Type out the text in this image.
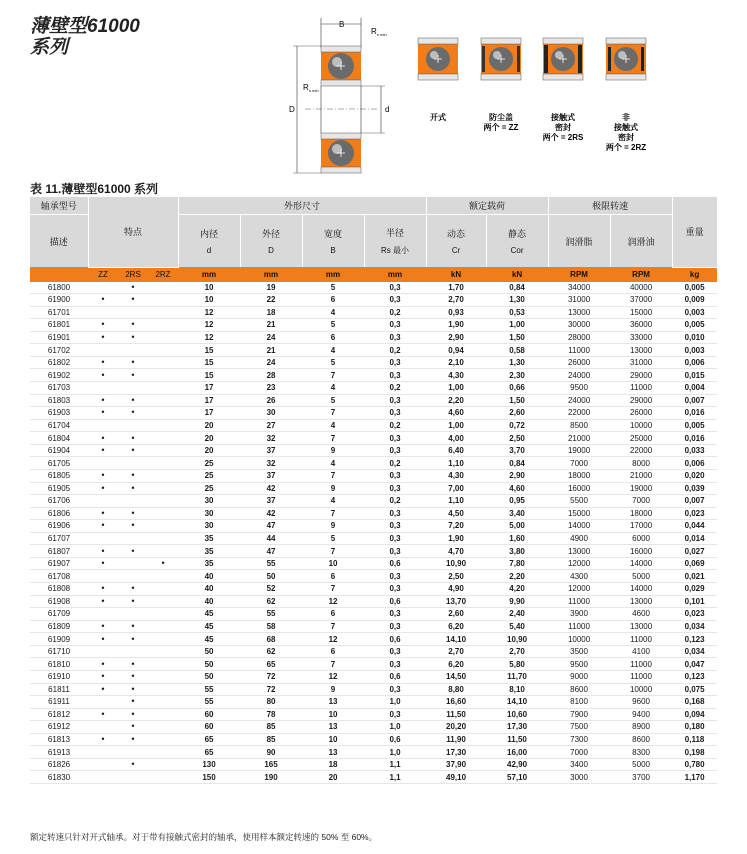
薄壁型61000
系列
B
R s min
D	d
R s min
开式	防尘盖
两个 = ZZ
接触式
密封
两个 = 2RS
非
接触式
密封
两个 = 2RZ
表 11.薄壁型61000 系列
轴承型号	特点			外形尺寸				额定载荷		极限转速		重量
描述				内径
d	外径
D	宽度
B	半径
Rs 最小	动态
Cr	静态
Cor	润滑脂	润滑油	
	ZZ	2RS	2RZ	mm	mm	mm	mm	kN	kN	RPM	RPM	kg
61800		•		10	19	5	0,3	1,70	0,84	34000	40000	0,005
61900	•	•		10	22	6	0,3	2,70	1,30	31000	37000	0,009
61701				12	18	4	0,2	0,93	0,53	13000	15000	0,003
61801	•	•		12	21	5	0,3	1,90	1,00	30000	36000	0,005
61901	•	•		12	24	6	0,3	2,90	1,50	28000	33000	0,010
61702				15	21	4	0,2	0,94	0,58	11000	13000	0,003
61802	•	•		15	24	5	0,3	2,10	1,30	26000	31000	0,006
61902	•	•		15	28	7	0,3	4,30	2,30	24000	29000	0,015
61703				17	23	4	0,2	1,00	0,66	9500	11000	0,004
61803	•	•		17	26	5	0,3	2,20	1,50	24000	29000	0,007
61903	•	•		17	30	7	0,3	4,60	2,60	22000	26000	0,016
61704				20	27	4	0,2	1,00	0,72	8500	10000	0,005
61804	•	•		20	32	7	0,3	4,00	2,50	21000	25000	0,016
61904	•	•		20	37	9	0,3	6,40	3,70	19000	22000	0,033
61705				25	32	4	0,2	1,10	0,84	7000	8000	0,006
61805	•	•		25	37	7	0,3	4,30	2,90	18000	21000	0,020
61905	•	•		25	42	9	0,3	7,00	4,60	16000	19000	0,039
61706				30	37	4	0,2	1,10	0,95	5500	7000	0,007
61806	•	•		30	42	7	0,3	4,50	3,40	15000	18000	0,023
61906	•	•		30	47	9	0,3	7,20	5,00	14000	17000	0,044
61707				35	44	5	0,3	1,90	1,60	4900	6000	0,014
61807	•	•		35	47	7	0,3	4,70	3,80	13000	16000	0,027
61907	•		•	35	55	10	0,6	10,90	7,80	12000	14000	0,069
61708				40	50	6	0,3	2,50	2,20	4300	5000	0,021
61808	•	•		40	52	7	0,3	4,90	4,20	12000	14000	0,029
61908	•	•		40	62	12	0,6	13,70	9,90	11000	13000	0,101
61709				45	55	6	0,3	2,60	2,40	3900	4600	0,023
61809	•	•		45	58	7	0,3	6,20	5,40	11000	13000	0,034
61909	•	•		45	68	12	0,6	14,10	10,90	10000	11000	0,123
61710				50	62	6	0,3	2,70	2,70	3500	4100	0,034
61810	•	•		50	65	7	0,3	6,20	5,80	9500	11000	0,047
61910	•	•		50	72	12	0,6	14,50	11,70	9000	11000	0,123
61811	•	•		55	72	9	0,3	8,80	8,10	8600	10000	0,075
61911		•		55	80	13	1,0	16,60	14,10	8100	9600	0,168
61812	•	•		60	78	10	0,3	11,50	10,60	7900	9400	0,094
61912		•		60	85	13	1,0	20,20	17,30	7500	8900	0,180
61813	•	•		65	85	10	0,6	11,90	11,50	7300	8600	0,118
61913				65	90	13	1,0	17,30	16,00	7000	8300	0,198
61826		•		130	165	18	1,1	37,90	42,90	3400	5000	0,780
61830				150	190	20	1,1	49,10	57,10	3000	3700	1,170
额定转速只针对开式轴承。对于带有接触式密封的轴承，使用样本额定转速的 50% 至 60%。
